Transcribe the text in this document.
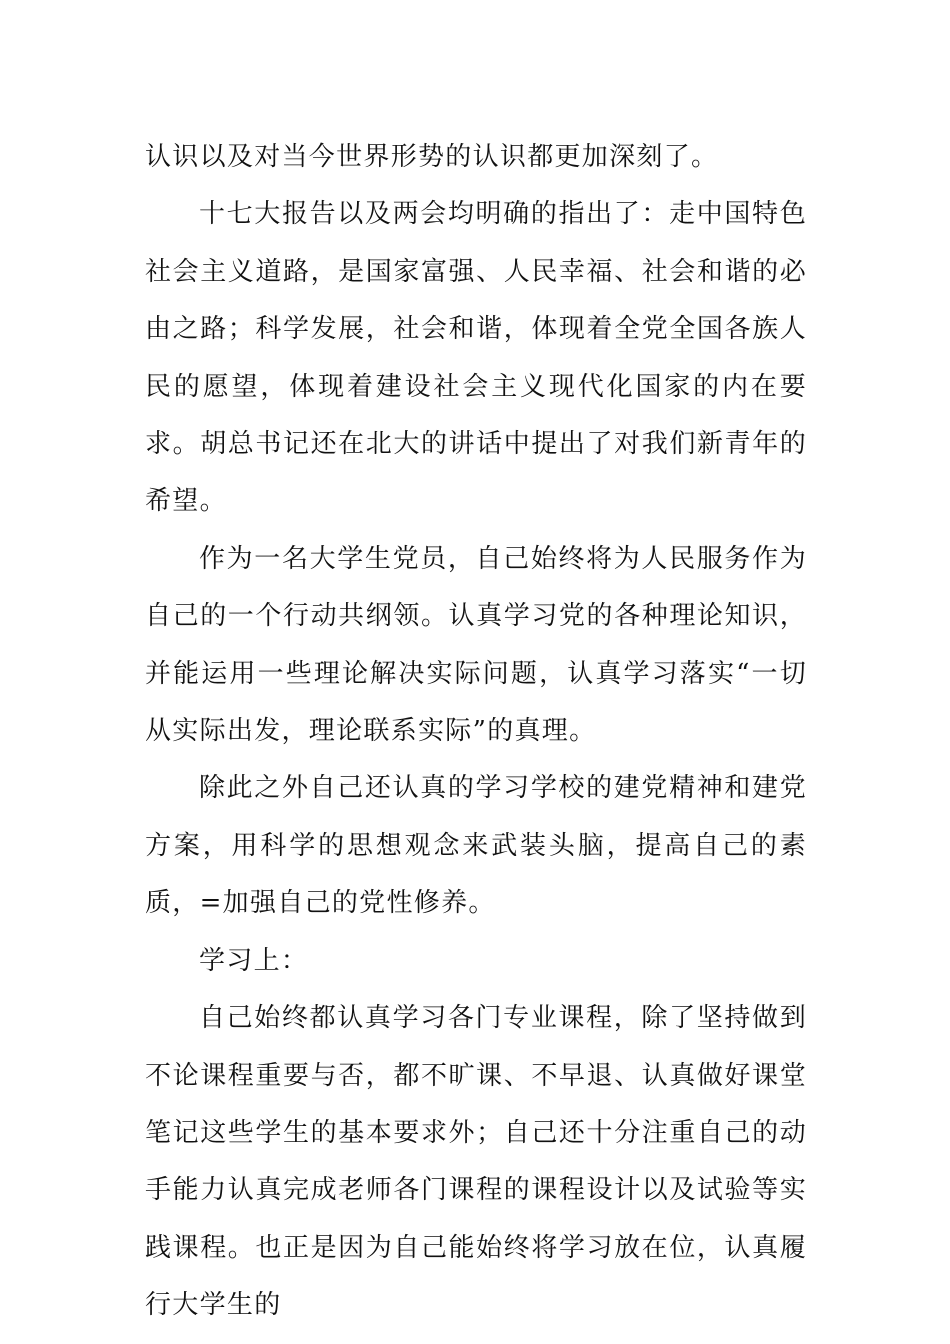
认识以及对当今世界形势的认识都更加深刻了。

十七大报告以及两会均明确的指出了：走中国特色社会主义道路，是国家富强、人民幸福、社会和谐的必由之路；科学发展，社会和谐，体现着全党全国各族人民的愿望，体现着建设社会主义现代化国家的内在要求。胡总书记还在北大的讲话中提出了对我们新青年的希望。

作为一名大学生党员，自己始终将为人民服务作为自己的一个行动共纲领。认真学习党的各种理论知识，并能运用一些理论解决实际问题，认真学习落实“一切从实际出发，理论联系实际”的真理。

除此之外自己还认真的学习学校的建党精神和建党方案，用科学的思想观念来武装头脑，提高自己的素质，=加强自己的党性修养。

学习上：

自己始终都认真学习各门专业课程，除了坚持做到不论课程重要与否，都不旷课、不早退、认真做好课堂笔记这些学生的基本要求外；自己还十分注重自己的动手能力认真完成老师各门课程的课程设计以及试验等实践课程。也正是因为自己能始终将学习放在位，认真履行大学生的
